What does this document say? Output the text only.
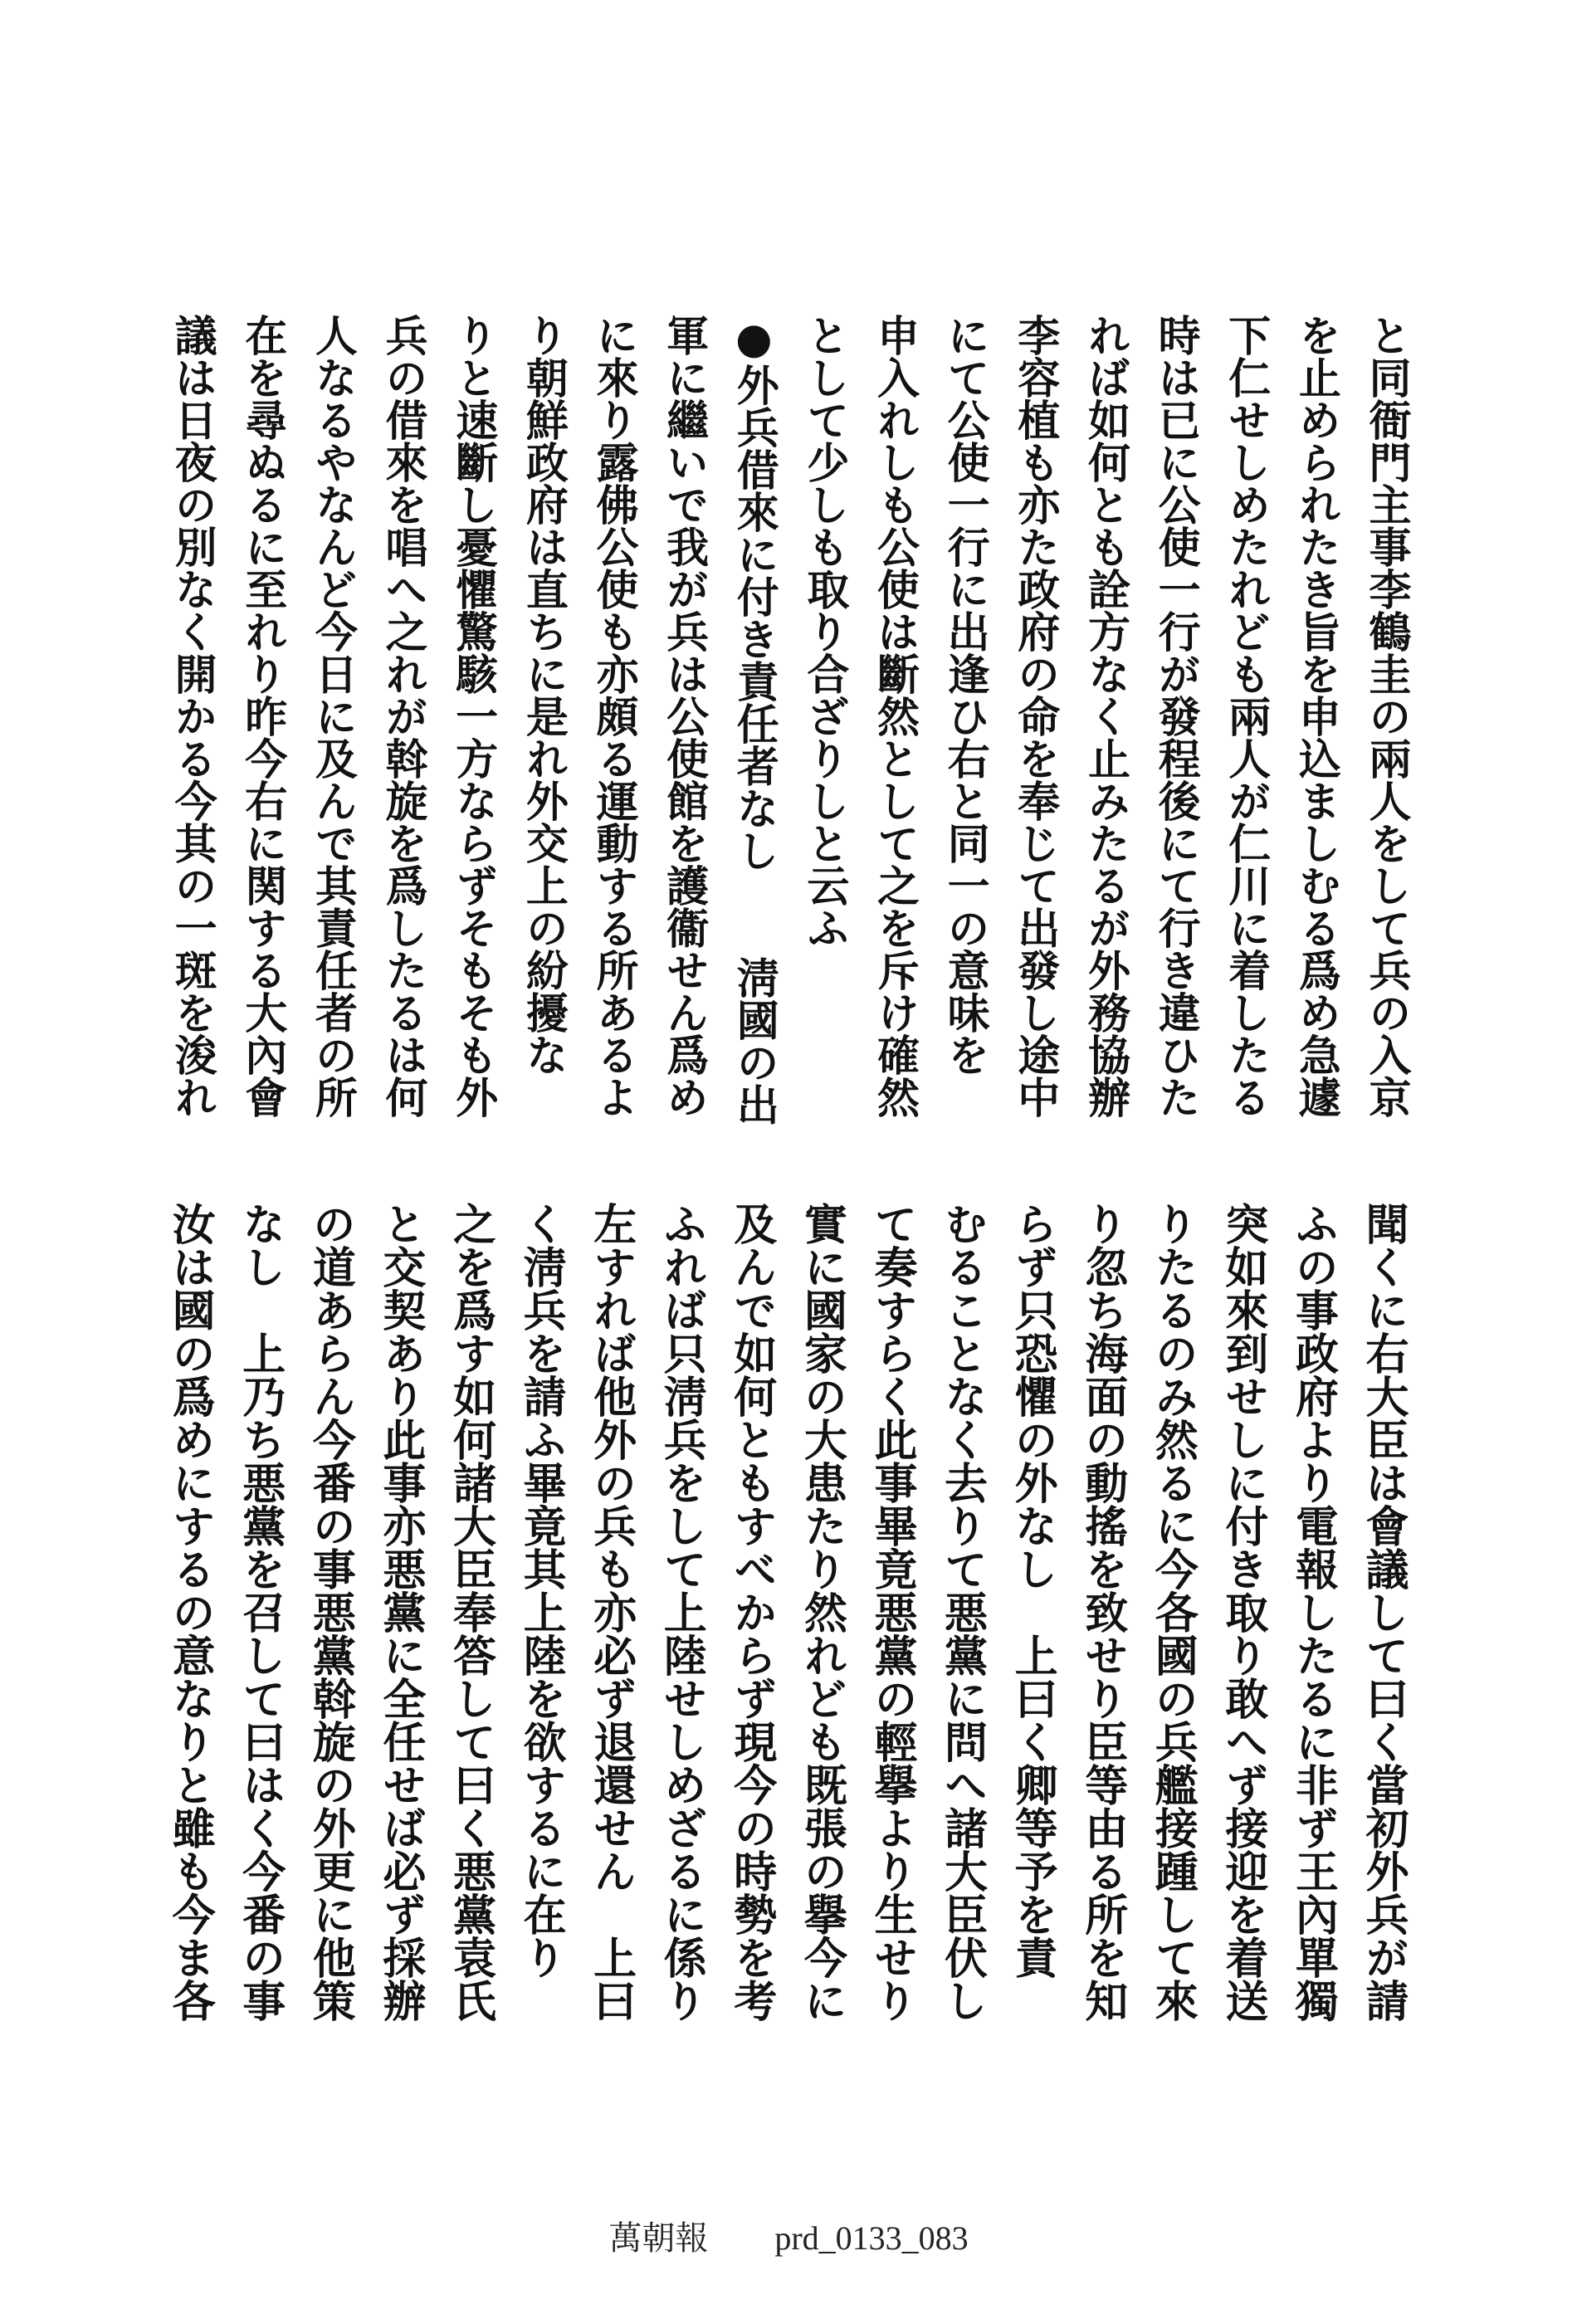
と同衙門主事李鶴圭の兩人をして兵の入京
を止められたき旨を申込ましむる爲め急遽
下仁せしめたれども兩人が仁川に着したる
時は已に公使一行が發程後にて行き違ひた
れば如何とも詮方なく止みたるが外務協辦
李容植も亦た政府の命を奉じて出發し途中
にて公使一行に出逢ひ右と同一の意味を
申入れしも公使は斷然として之を斥け確然
として少しも取り合ざりしと云ふ
●外兵借來に付き責任者なし　　淸國の出
軍に繼いで我が兵は公使館を護衞せん爲め
に來り露佛公使も亦頗る運動する所あるよ
り朝鮮政府は直ちに是れ外交上の紛擾な
りと速斷し憂懼驚駭一方ならずそもそも外
兵の借來を唱へ之れが斡旋を爲したるは何
人なるやなんど今日に及んで其責任者の所
在を尋ぬるに至れり昨今右に関する大內會
議は日夜の別なく開かる今其の一斑を浚れ
聞くに右大臣は會議して曰く當初外兵が請
ふの事政府より電報したるに非ず王內單獨
突如來到せしに付き取り敢へず接迎を着送
りたるのみ然るに今各國の兵艦接踵して來
り忽ち海面の動搖を致せり臣等由る所を知
らず只恐懼の外なし　上曰く卿等予を責
むることなく去りて悪黨に問へ諸大臣伏し
て奏すらく此事畢竟悪黨の輕擧より生せり
實に國家の大患たり然れども既張の擧今に
及んで如何ともすべからず現今の時勢を考
ふれば只淸兵をして上陸せしめざるに係り
左すれば他外の兵も亦必ず退還せん　上曰
く淸兵を請ふ畢竟其上陸を欲するに在り
之を爲す如何諸大臣奉答して曰く悪黨袁氏
と交契あり此事亦悪黨に全任せば必ず採辦
の道あらん今番の事悪黨斡旋の外更に他策
なし　上乃ち悪黨を召して曰はく今番の事
汝は國の爲めにするの意なりと雖も今ま各
萬朝報 prd_0133_083
